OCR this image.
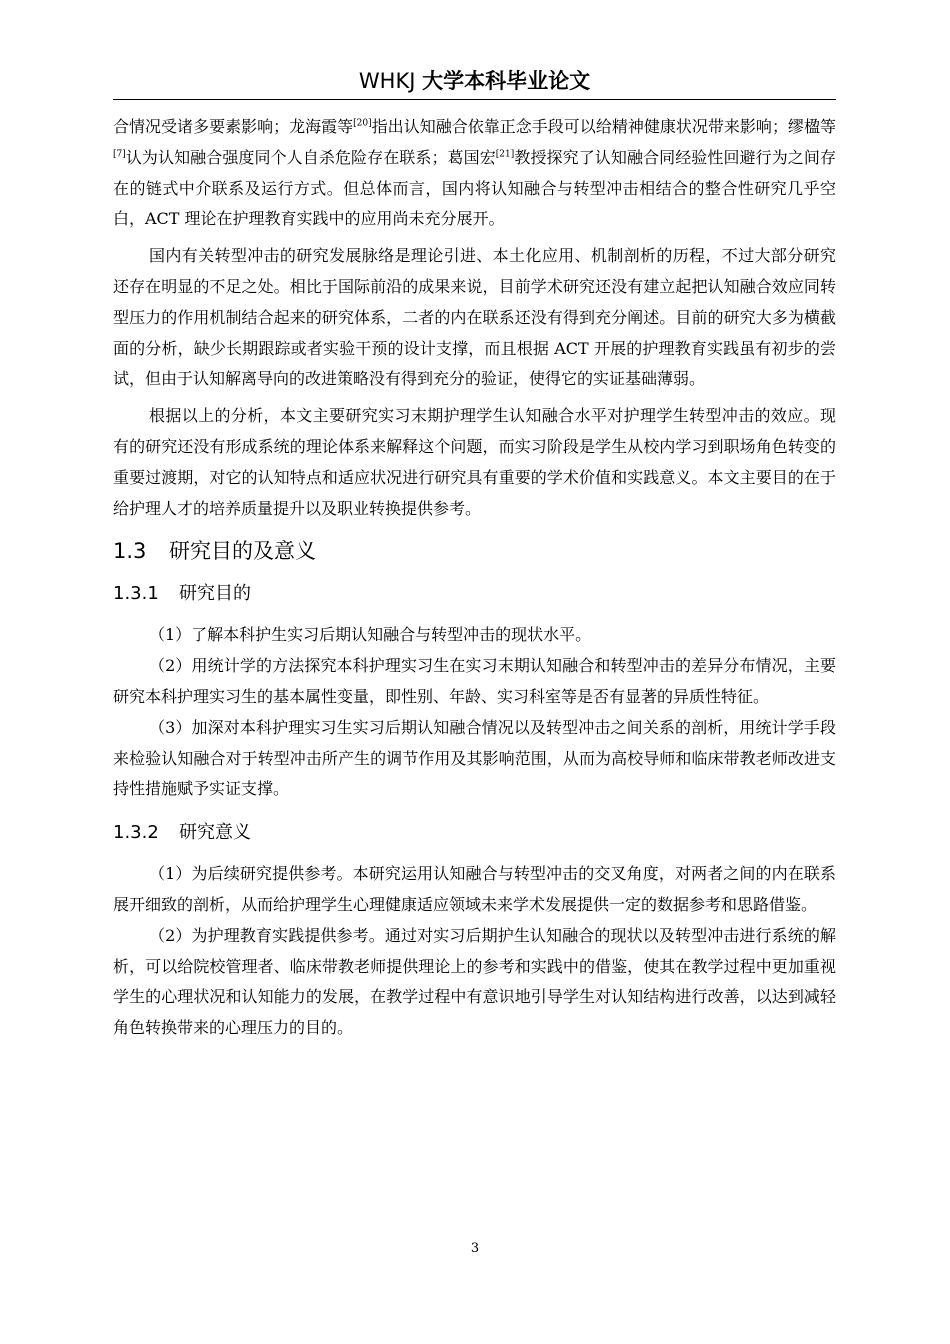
WHKJ 大学本科毕业论文

合情况受诸多要素影响；龙海霞等[20]指出认知融合依靠正念手段可以给精神健康状况带来影响；缪楹等[7]认为认知融合强度同个人自杀危险存在联系；葛国宏[21]教授探究了认知融合同经验性回避行为之间存在的链式中介联系及运行方式。但总体而言，国内将认知融合与转型冲击相结合的整合性研究几乎空白，ACT 理论在护理教育实践中的应用尚未充分展开。

国内有关转型冲击的研究发展脉络是理论引进、本土化应用、机制剖析的历程，不过大部分研究还存在明显的不足之处。相比于国际前沿的成果来说，目前学术研究还没有建立起把认知融合效应同转型压力的作用机制结合起来的研究体系，二者的内在联系还没有得到充分阐述。目前的研究大多为横截面的分析，缺少长期跟踪或者实验干预的设计支撑，而且根据 ACT 开展的护理教育实践虽有初步的尝试，但由于认知解离导向的改进策略没有得到充分的验证，使得它的实证基础薄弱。

根据以上的分析，本文主要研究实习末期护理学生认知融合水平对护理学生转型冲击的效应。现有的研究还没有形成系统的理论体系来解释这个问题，而实习阶段是学生从校内学习到职场角色转变的重要过渡期，对它的认知特点和适应状况进行研究具有重要的学术价值和实践意义。本文主要目的在于给护理人才的培养质量提升以及职业转换提供参考。

1.3 研究目的及意义
1.3.1 研究目的

（1）了解本科护生实习后期认知融合与转型冲击的现状水平。

（2）用统计学的方法探究本科护理实习生在实习末期认知融合和转型冲击的差异分布情况，主要研究本科护理实习生的基本属性变量，即性别、年龄、实习科室等是否有显著的异质性特征。

（3）加深对本科护理实习生实习后期认知融合情况以及转型冲击之间关系的剖析，用统计学手段来检验认知融合对于转型冲击所产生的调节作用及其影响范围，从而为高校导师和临床带教老师改进支持性措施赋予实证支撑。

1.3.2 研究意义

（1）为后续研究提供参考。本研究运用认知融合与转型冲击的交叉角度，对两者之间的内在联系展开细致的剖析，从而给护理学生心理健康适应领域未来学术发展提供一定的数据参考和思路借鉴。

（2）为护理教育实践提供参考。通过对实习后期护生认知融合的现状以及转型冲击进行系统的解析，可以给院校管理者、临床带教老师提供理论上的参考和实践中的借鉴，使其在教学过程中更加重视学生的心理状况和认知能力的发展，在教学过程中有意识地引导学生对认知结构进行改善，以达到减轻角色转换带来的心理压力的目的。

3
